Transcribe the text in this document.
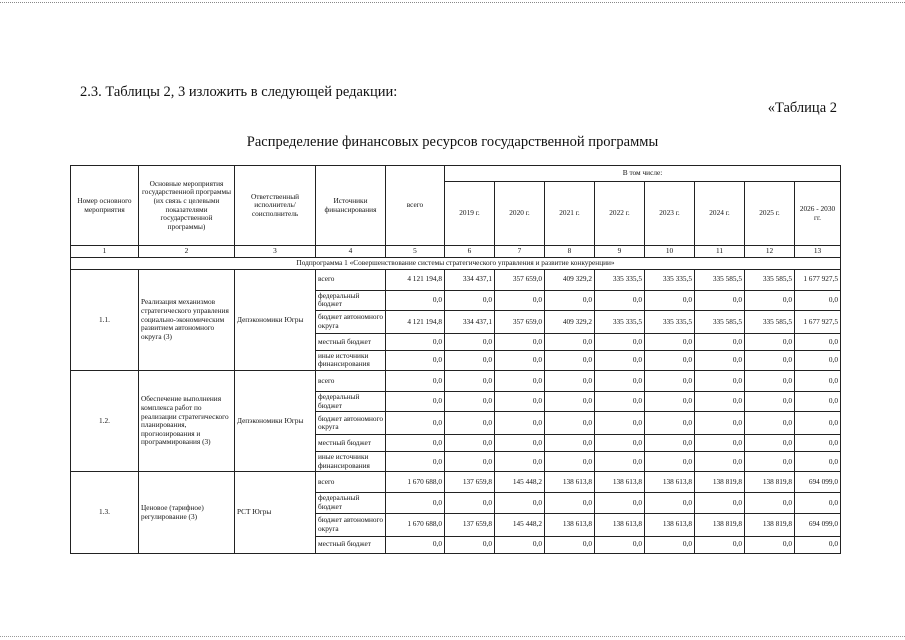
2.3. Таблицы 2, 3 изложить в следующей редакции:
«Таблица 2
Распределение финансовых ресурсов государственной программы
Номер основного мероприятия	Основные мероприятия государственной программы (их связь с целевыми показателями государственной программы)	Ответственный исполнитель/ соисполнитель	Источники финансирования	всего	В том числе:							
					2019 г.	2020 г.	2021 г.	2022 г.	2023 г.	2024 г.	2025 г.	2026 - 2030 гг.
1	2	3	4	5	6	7	8	9	10	11	12	13
Подпрограмма 1 «Совершенствование системы стратегического управления и развитие конкуренции»												
1.1.	Реализация механизмов стратегического управления социально-экономическим развитием автономного округа (3)	Депэкономики Югры	всего	4 121 194,8	334 437,1	357 659,0	409 329,2	335 335,5	335 335,5	335 585,5	335 585,5	1 677 927,5
			федеральный бюджет	0,0	0,0	0,0	0,0	0,0	0,0	0,0	0,0	0,0
			бюджет автономного округа	4 121 194,8	334 437,1	357 659,0	409 329,2	335 335,5	335 335,5	335 585,5	335 585,5	1 677 927,5
			местный бюджет	0,0	0,0	0,0	0,0	0,0	0,0	0,0	0,0	0,0
			иные источники финансирования	0,0	0,0	0,0	0,0	0,0	0,0	0,0	0,0	0,0
1.2.	Обеспечение выполнения комплекса работ по реализации стратегического планирования, прогнозирования и программирования (3)	Депэкономики Югры	всего	0,0	0,0	0,0	0,0	0,0	0,0	0,0	0,0	0,0
			федеральный бюджет	0,0	0,0	0,0	0,0	0,0	0,0	0,0	0,0	0,0
			бюджет автономного округа	0,0	0,0	0,0	0,0	0,0	0,0	0,0	0,0	0,0
			местный бюджет	0,0	0,0	0,0	0,0	0,0	0,0	0,0	0,0	0,0
			иные источники финансирования	0,0	0,0	0,0	0,0	0,0	0,0	0,0	0,0	0,0
1.3.	Ценовое (тарифное) регулирование (3)	РСТ Югры	всего	1 670 688,0	137 659,8	145 448,2	138 613,8	138 613,8	138 613,8	138 819,8	138 819,8	694 099,0
			федеральный бюджет	0,0	0,0	0,0	0,0	0,0	0,0	0,0	0,0	0,0
			бюджет автономного округа	1 670 688,0	137 659,8	145 448,2	138 613,8	138 613,8	138 613,8	138 819,8	138 819,8	694 099,0
			местный бюджет	0,0	0,0	0,0	0,0	0,0	0,0	0,0	0,0	0,0
